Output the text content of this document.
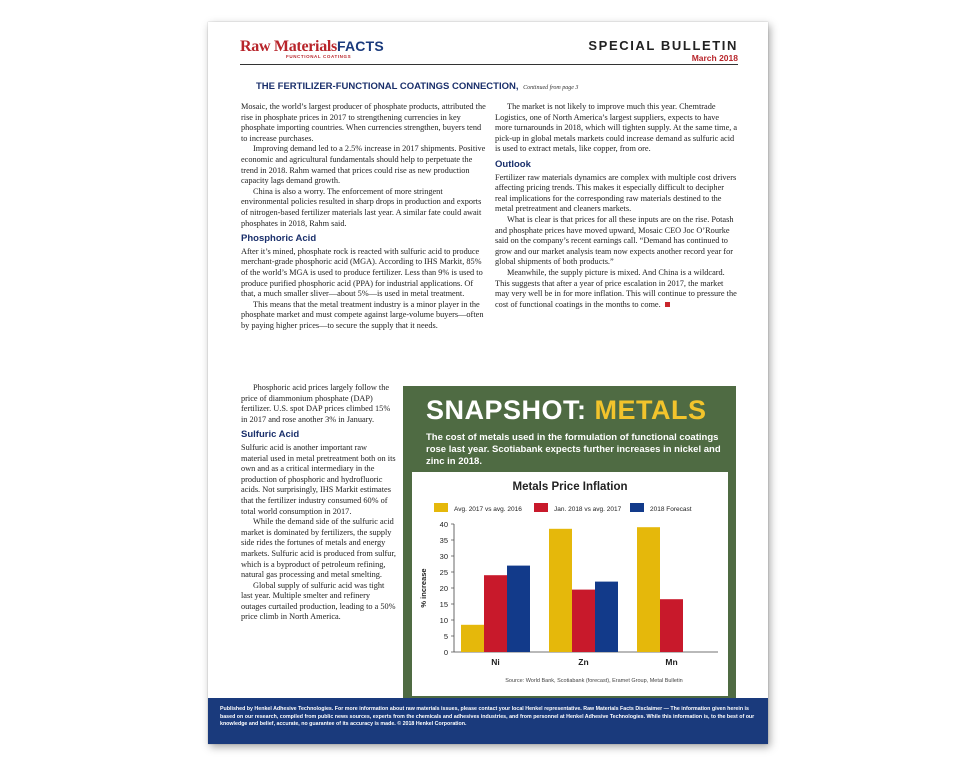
Raw MaterialsFACTS
FUNCTIONAL COATINGS
SPECIAL BULLETIN
March 2018
THE FERTILIZER-FUNCTIONAL COATINGS CONNECTION, Continued from page 3

Mosaic, the world’s largest producer of phosphate products, attributed the rise in phosphate prices in 2017 to strengthening currencies in key phosphate importing countries. When currencies strengthen, buyers tend to increase purchases.

Improving demand led to a 2.5% increase in 2017 shipments. Positive economic and agricultural fundamentals should help to perpetuate the trend in 2018. Rahm warned that prices could rise as new production capacity lags demand growth.

China is also a worry. The enforcement of more stringent environmental policies resulted in sharp drops in production and exports of nitrogen-based fertilizer materials last year. A similar fate could await phosphates in 2018, Rahm said.

Phosphoric Acid

After it’s mined, phosphate rock is reacted with sulfuric acid to produce merchant-grade phosphoric acid (MGA). According to IHS Markit, 85% of the world’s MGA is used to produce fertilizer. Less than 9% is used to produce purified phosphoric acid (PPA) for industrial applications. Of that, a much smaller sliver—about 5%—is used in metal treatment.

This means that the metal treatment industry is a minor player in the phosphate market and must compete against large-volume buyers—often by paying higher prices—to secure the supply that it needs.

Phosphoric acid prices largely follow the price of diammonium phosphate (DAP) fertilizer. U.S. spot DAP prices climbed 15% in 2017 and rose another 3% in January.

Sulfuric Acid

Sulfuric acid is another important raw material used in metal pretreatment both on its own and as a critical intermediary in the production of phosphoric and hydrofluoric acids. Not surprisingly, IHS Markit estimates that the fertilizer industry consumed 60% of total world consumption in 2017.

While the demand side of the sulfuric acid market is dominated by fertilizers, the supply side rides the fortunes of metals and energy markets. Sulfuric acid is produced from sulfur, which is a byproduct of petroleum refining, natural gas processing and metal smelting.

Global supply of sulfuric acid was tight last year. Multiple smelter and refinery outages curtailed production, leading to a 50% price climb in North America.

The market is not likely to improve much this year. Chemtrade Logistics, one of North America’s largest suppliers, expects to have more turnarounds in 2018, which will tighten supply. At the same time, a pick-up in global metals markets could increase demand as sulfuric acid is used to extract metals, like copper, from ore.

Outlook

Fertilizer raw materials dynamics are complex with multiple cost drivers affecting pricing trends. This makes it especially difficult to decipher real implications for the corresponding raw materials destined to the metal pretreatment and cleaners markets.

What is clear is that prices for all these inputs are on the rise. Potash and phosphate prices have moved upward, Mosaic CEO Joc O’Rourke said on the company’s recent earnings call. “Demand has continued to grow and our market analysis team now expects another record year for global shipments of both products.”

Meanwhile, the supply picture is mixed. And China is a wildcard. This suggests that after a year of price escalation in 2017, the market may very well be in for more inflation. This will continue to pressure the cost of functional coatings in the months to come.

SNAPSHOT: METALS
The cost of metals used in the formulation of functional coatings rose last year. Scotiabank expects further increases in nickel and zinc in 2018.
Metals Price Inflation
Avg. 2017 vs avg. 2016	Jan. 2018 vs avg. 2017	2018 Forecast
0
5
10
15
20
25
30
35
40
% increase
Ni	Zn	Mn
Source: World Bank, Scotiabank (forecast), Eramet Group, Metal Bulletin
Published by Henkel Adhesive Technologies. For more information about raw materials issues, please contact your local Henkel representative. Raw Materials Facts Disclaimer — The information given herein is based on our research, compiled from public news sources, experts from the chemicals and adhesives industries, and from personnel at Henkel Adhesive Technologies. While this information is, to the best of our knowledge and belief, accurate, no guarantee of its accuracy is made. © 2018 Henkel Corporation.
